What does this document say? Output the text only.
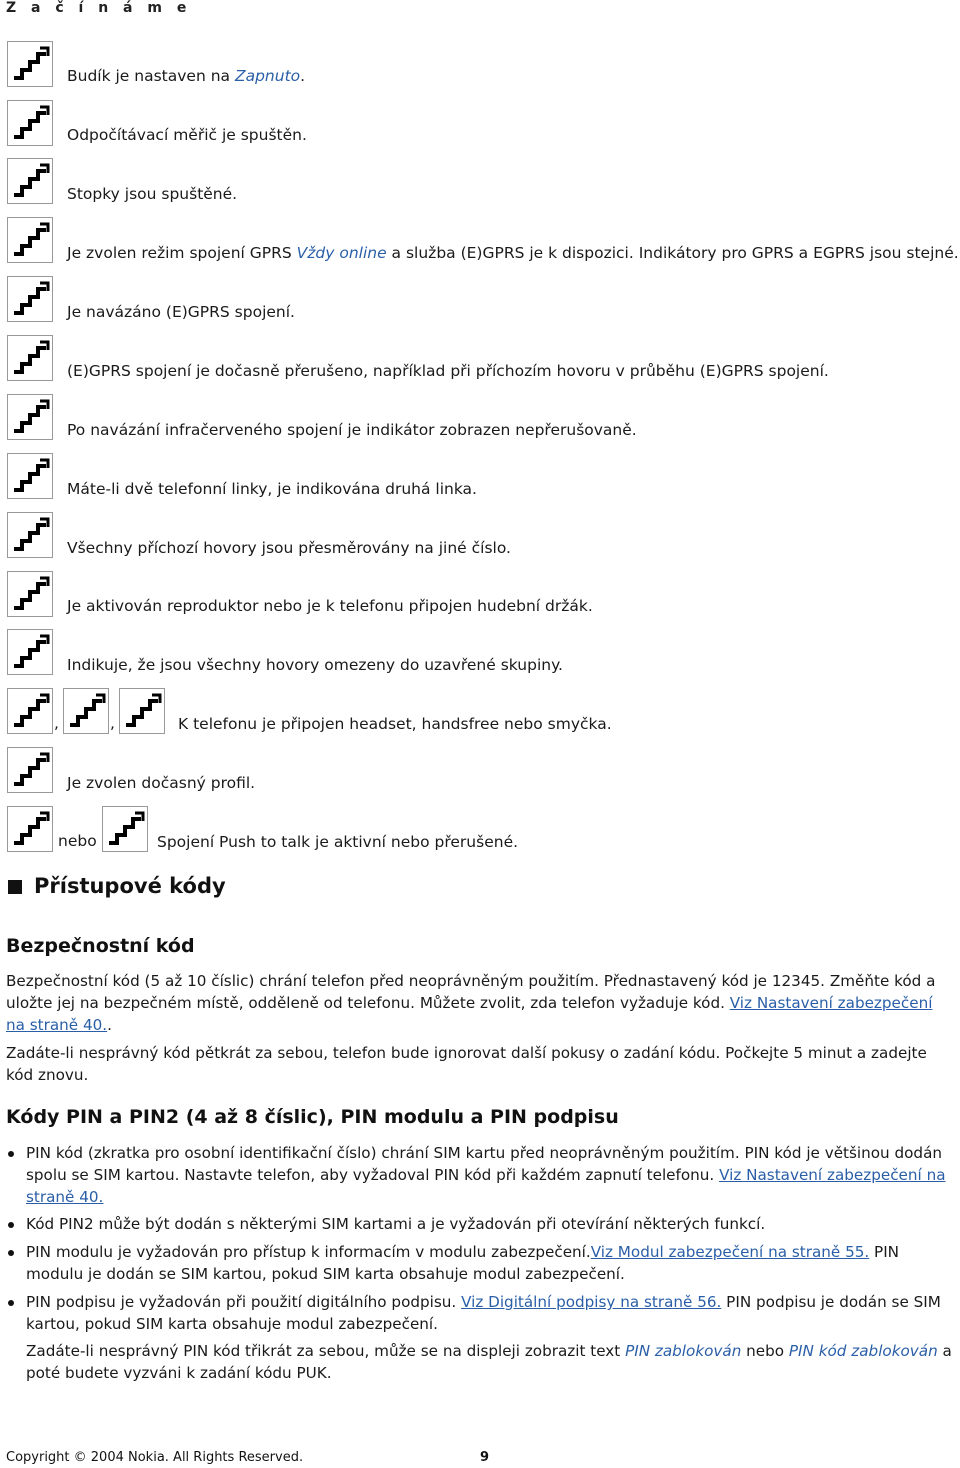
Z a č í n á m e
Budík je nastaven na Zapnuto.
Odpočítávací měřič je spuštěn.
Stopky jsou spuštěné.
Je zvolen režim spojení GPRS Vždy online a služba (E)GPRS je k dispozici. Indikátory pro GPRS a EGPRS jsou stejné.
Je navázáno (E)GPRS spojení.
(E)GPRS spojení je dočasně přerušeno, například při příchozím hovoru v průběhu (E)GPRS spojení.
Po navázání infračerveného spojení je indikátor zobrazen nepřerušovaně.
Máte-li dvě telefonní linky, je indikována druhá linka.
Všechny příchozí hovory jsou přesměrovány na jiné číslo.
Je aktivován reproduktor nebo je k telefonu připojen hudební držák.
Indikuje, že jsou všechny hovory omezeny do uzavřené skupiny.
,	,	K telefonu je připojen headset, handsfree nebo smyčka.
Je zvolen dočasný profil.
nebo	Spojení Push to talk je aktivní nebo přerušené.
Přístupové kódy
Bezpečnostní kód
Bezpečnostní kód (5 až 10 číslic) chrání telefon před neoprávněným použitím. Přednastavený kód je 12345. Změňte kód a uložte jej na bezpečném místě, odděleně od telefonu. Můžete zvolit, zda telefon vyžaduje kód. Viz Nastavení zabezpečení na straně 40..
Zadáte-li nesprávný kód pětkrát za sebou, telefon bude ignorovat další pokusy o zadání kódu. Počkejte 5 minut a zadejte kód znovu.
Kódy PIN a PIN2 (4 až 8 číslic), PIN modulu a PIN podpisu
PIN kód (zkratka pro osobní identifikační číslo) chrání SIM kartu před neoprávněným použitím. PIN kód je většinou dodán spolu se SIM kartou. Nastavte telefon, aby vyžadoval PIN kód při každém zapnutí telefonu. Viz Nastavení zabezpečení na straně 40.
Kód PIN2 může být dodán s některými SIM kartami a je vyžadován při otevírání některých funkcí.
PIN modulu je vyžadován pro přístup k informacím v modulu zabezpečení.Viz Modul zabezpečení na straně 55. PIN modulu je dodán se SIM kartou, pokud SIM karta obsahuje modul zabezpečení.
PIN podpisu je vyžadován při použití digitálního podpisu. Viz Digitální podpisy na straně 56. PIN podpisu je dodán se SIM kartou, pokud SIM karta obsahuje modul zabezpečení.
Zadáte-li nesprávný PIN kód třikrát za sebou, může se na displeji zobrazit text PIN zablokován nebo PIN kód zablokován a poté budete vyzváni k zadání kódu PUK.
Copyright © 2004 Nokia. All Rights Reserved.	9
